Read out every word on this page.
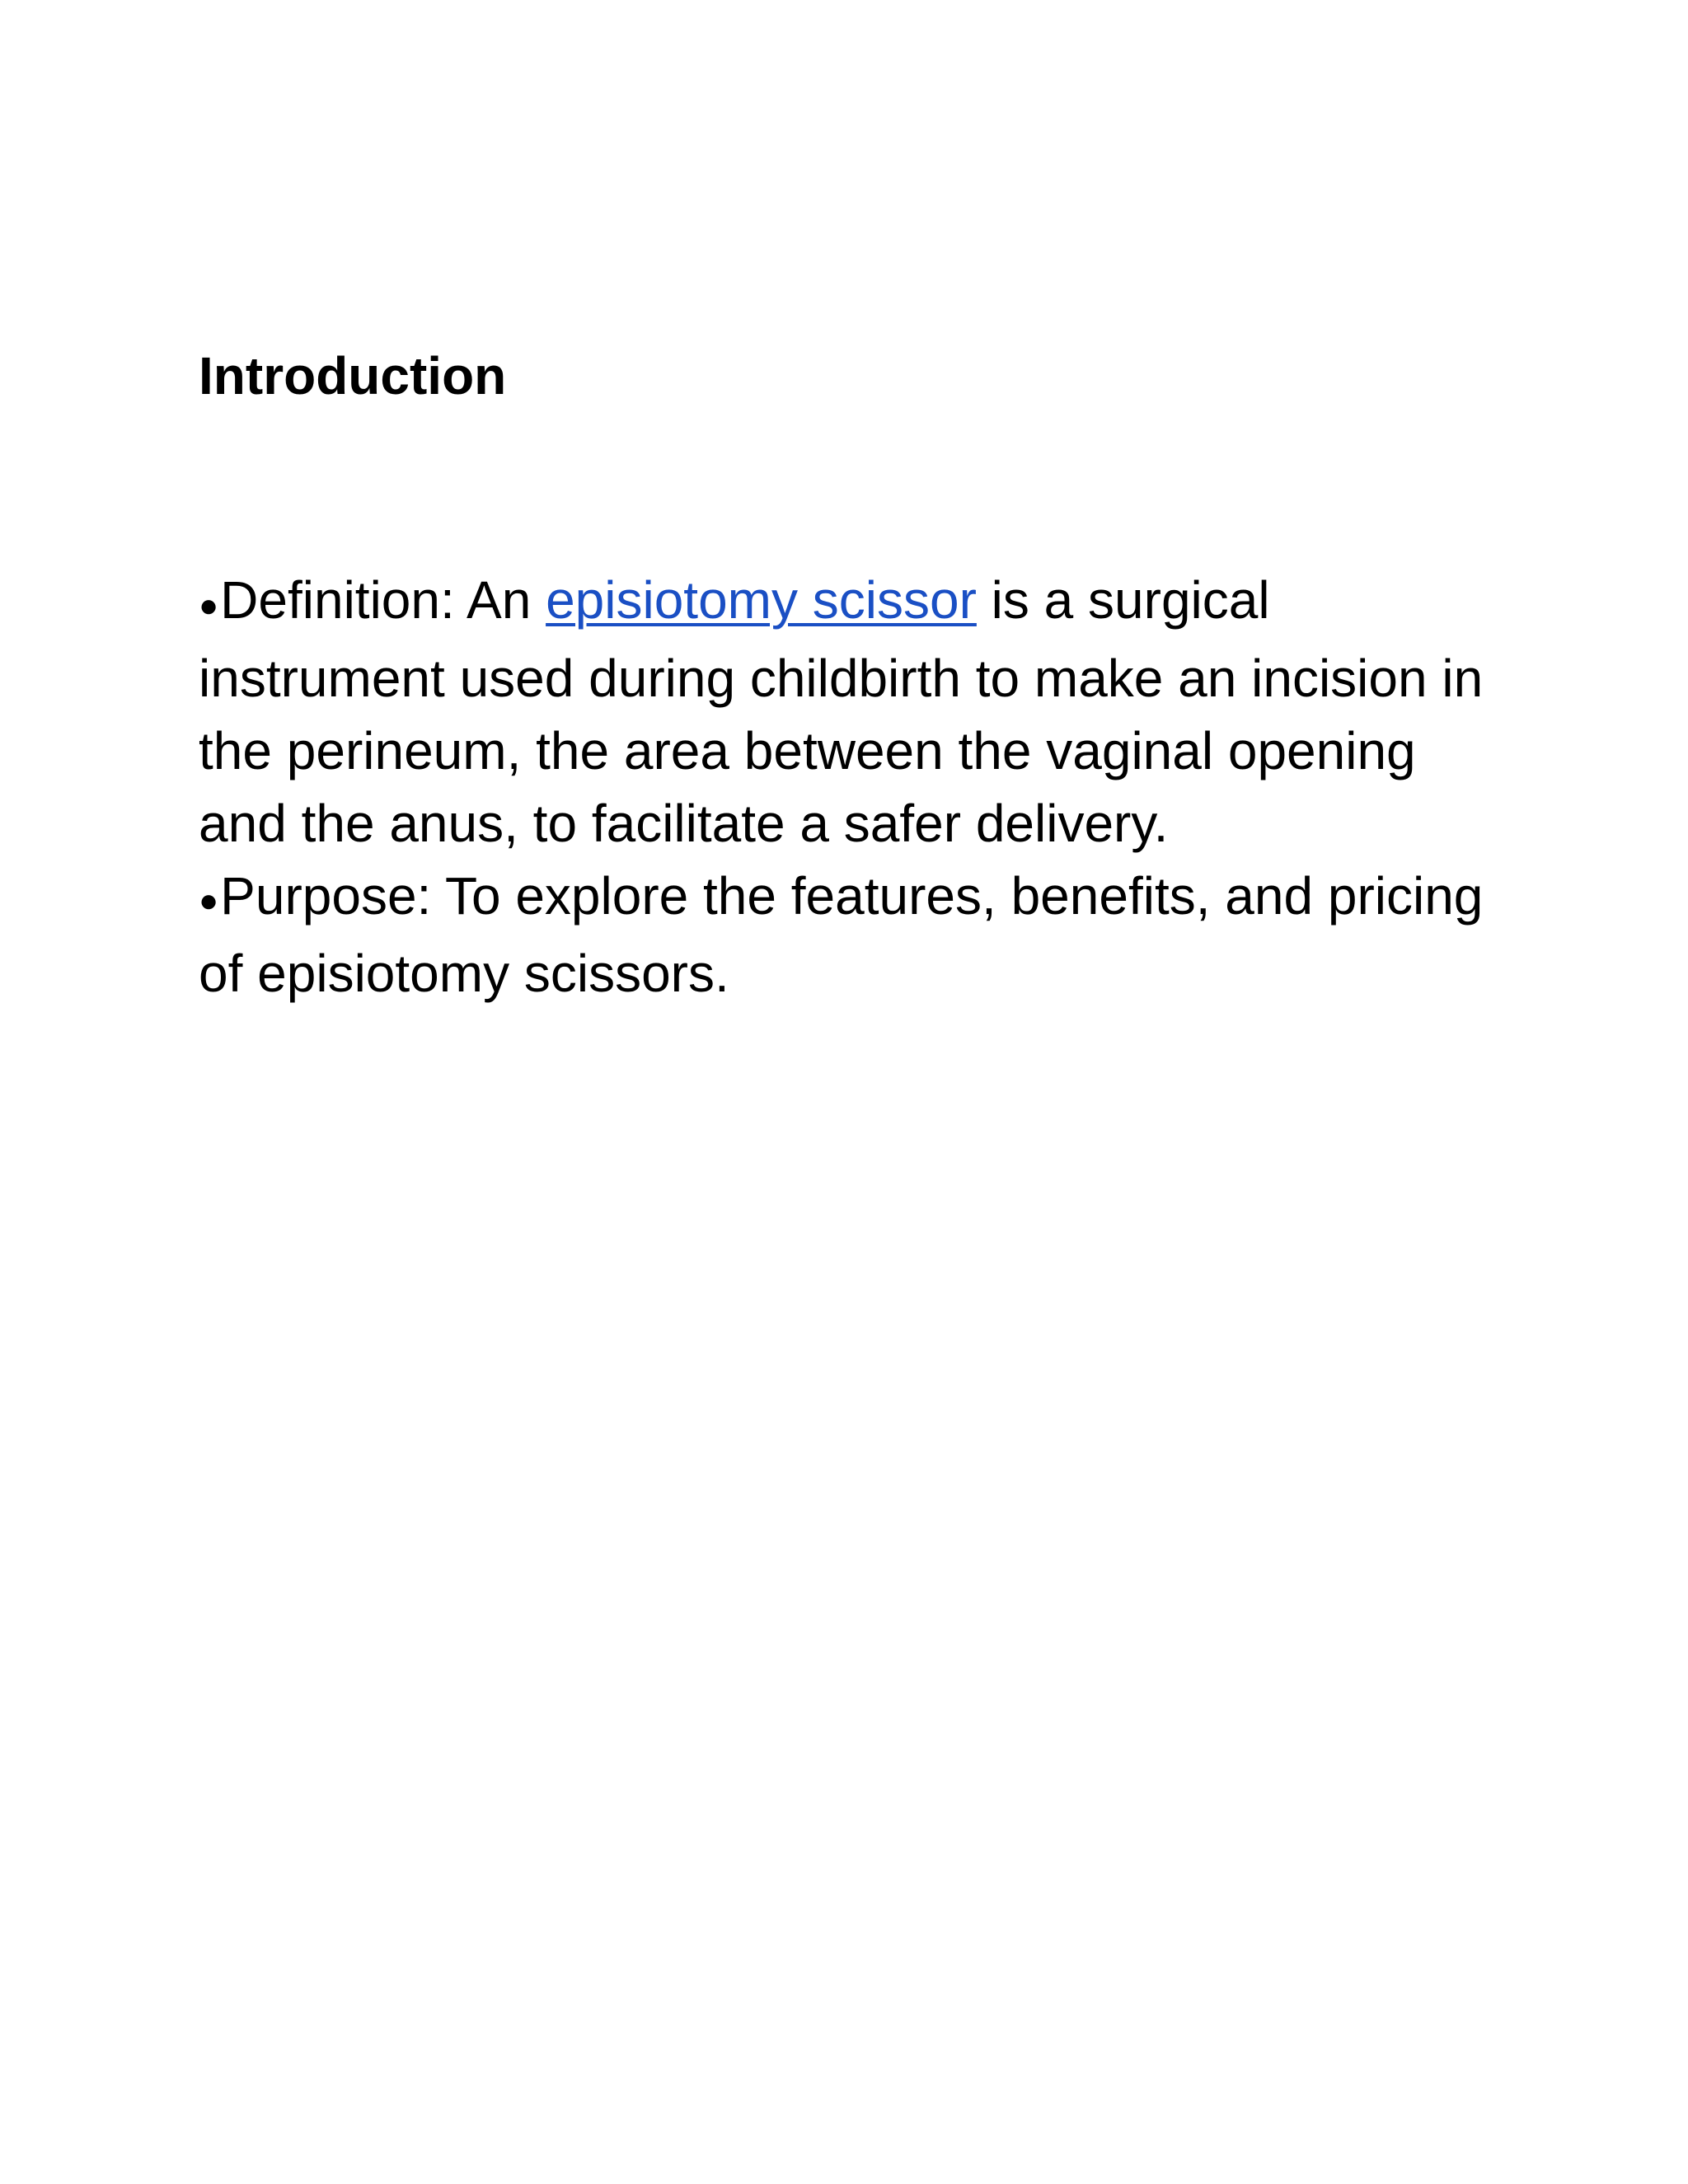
Introduction

●Definition: An episiotomy scissor is a surgical instrument used during childbirth to make an incision in the perineum, the area between the vaginal opening and the anus, to facilitate a safer delivery.

●Purpose: To explore the features, benefits, and pricing of episiotomy scissors.
